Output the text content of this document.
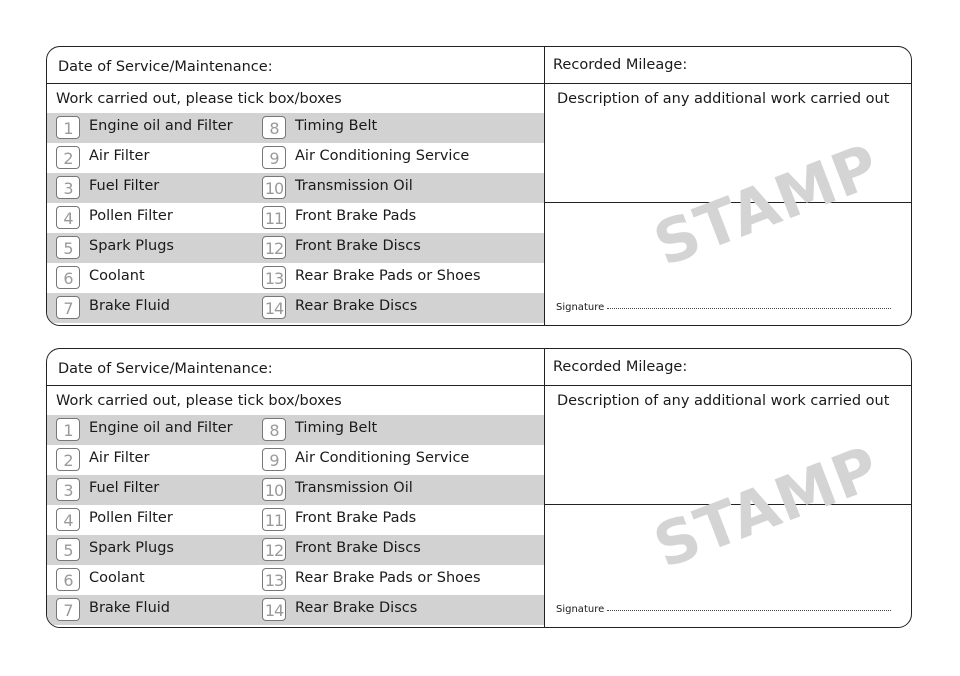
Date of Service/Maintenance:	Recorded Mileage:
Work carried out, please tick box/boxes	Description of any additional work carried out
1	Engine oil and Filter	8	Timing Belt
2	Air Filter	9	Air Conditioning Service
3	Fuel Filter	10 Transmission Oil
4	Pollen Filter	11 Front Brake Pads
5	Spark Plugs	12 Front Brake Discs
6	Coolant	13 Rear Brake Pads or Shoes
7	Brake Fluid	14 Rear Brake Discs
STAMP
Signature
Date of Service/Maintenance:	Recorded Mileage:
Work carried out, please tick box/boxes	Description of any additional work carried out
1	Engine oil and Filter	8	Timing Belt
2	Air Filter	9	Air Conditioning Service
3	Fuel Filter	10 Transmission Oil
4	Pollen Filter	11 Front Brake Pads
5	Spark Plugs	12 Front Brake Discs
6	Coolant	13 Rear Brake Pads or Shoes
7	Brake Fluid	14 Rear Brake Discs
STAMP
Signature
